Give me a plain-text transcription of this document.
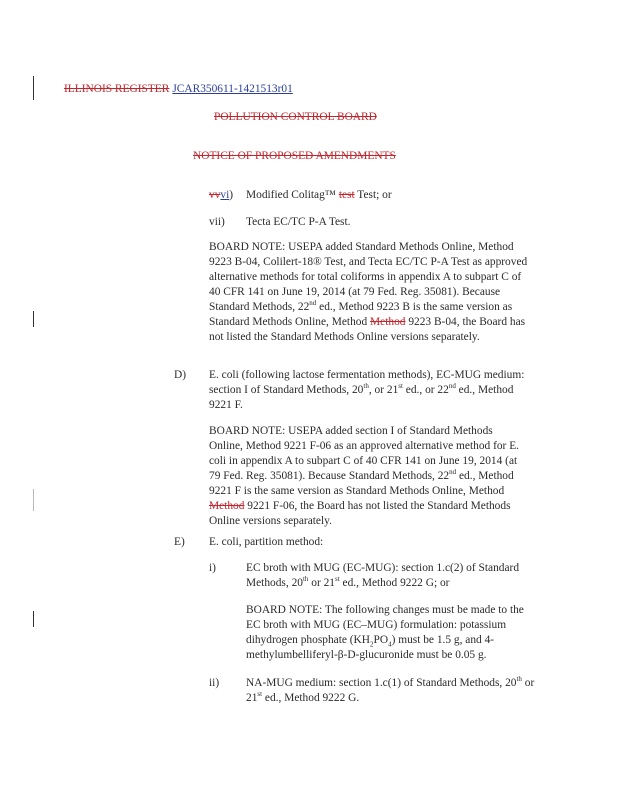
ILLINOIS REGISTER JCAR350611-1421513r01
POLLUTION CONTROL BOARD
NOTICE OF PROPOSED AMENDMENTS
vvvi) Modified Colitag™ test Test; or
vii) Tecta EC/TC P-A Test.
BOARD NOTE: USEPA added Standard Methods Online, Method 9223 B-04, Colilert-18® Test, and Tecta EC/TC P-A Test as approved alternative methods for total coliforms in appendix A to subpart C of 40 CFR 141 on June 19, 2014 (at 79 Fed. Reg. 35081). Because Standard Methods, 22nd ed., Method 9223 B is the same version as Standard Methods Online, Method Method 9223 B-04, the Board has not listed the Standard Methods Online versions separately.
D) E. coli (following lactose fermentation methods), EC-MUG medium: section I of Standard Methods, 20th, or 21st ed., or 22nd ed., Method 9221 F.
BOARD NOTE: USEPA added section I of Standard Methods Online, Method 9221 F-06 as an approved alternative method for E. coli in appendix A to subpart C of 40 CFR 141 on June 19, 2014 (at 79 Fed. Reg. 35081). Because Standard Methods, 22nd ed., Method 9221 F is the same version as Standard Methods Online, Method Method 9221 F-06, the Board has not listed the Standard Methods Online versions separately.
E) E. coli, partition method:
i)	EC broth with MUG (EC-MUG): section 1.c(2) of Standard Methods, 20th or 21st ed., Method 9222 G; or
BOARD NOTE: The following changes must be made to the EC broth with MUG (EC–MUG) formulation: potassium dihydrogen phosphate $(KH_2PO_4)$ must be 1.5 g, and 4-methylumbelliferyl-β-D-glucuronide must be 0.05 g.
ii) NA-MUG medium: section 1.c(1) of Standard Methods, 20th or 21st ed., Method 9222 G.
